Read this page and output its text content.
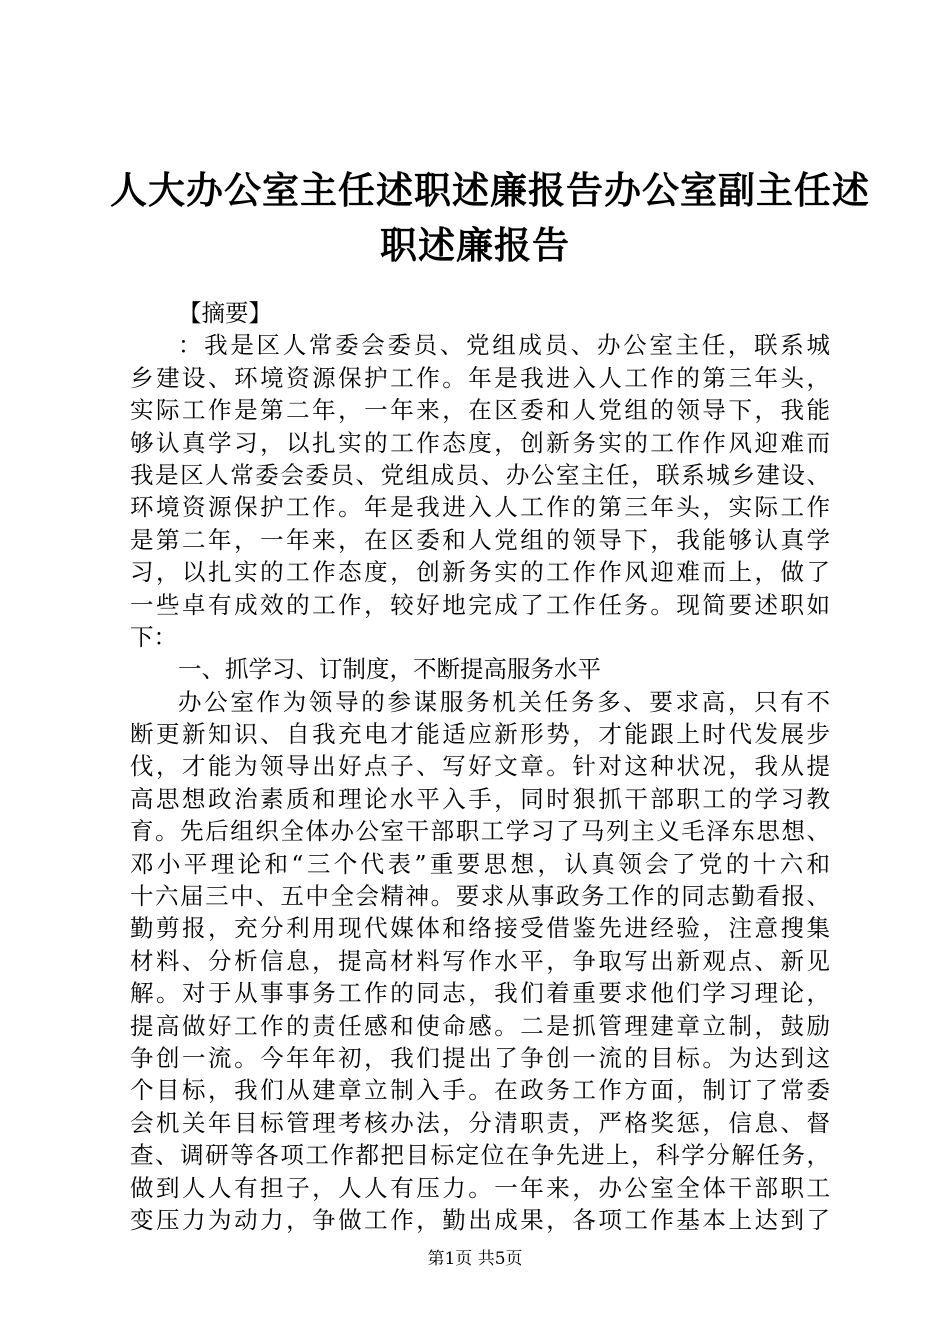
人大办公室主任述职述廉报告办公室副主任述
职述廉报告
【摘要】
：我是区人常委会委员、党组成员、办公室主任，联系城
乡建设、环境资源保护工作。年是我进入人工作的第三年头，
实际工作是第二年，一年来，在区委和人党组的领导下，我能
够认真学习，以扎实的工作态度，创新务实的工作作风迎难而
我是区人常委会委员、党组成员、办公室主任，联系城乡建设、
环境资源保护工作。年是我进入人工作的第三年头，实际工作
是第二年，一年来，在区委和人党组的领导下，我能够认真学
习，以扎实的工作态度，创新务实的工作作风迎难而上，做了
一些卓有成效的工作，较好地完成了工作任务。现简要述职如
下：
一、抓学习、订制度，不断提高服务水平
办公室作为领导的参谋服务机关任务多、要求高，只有不
断更新知识、自我充电才能适应新形势，才能跟上时代发展步
伐，才能为领导出好点子、写好文章。针对这种状况，我从提
高思想政治素质和理论水平入手，同时狠抓干部职工的学习教
育。先后组织全体办公室干部职工学习了马列主义毛泽东思想、
邓小平理论和“三个代表”重要思想，认真领会了党的十六和
十六届三中、五中全会精神。要求从事政务工作的同志勤看报、
勤剪报，充分利用现代媒体和络接受借鉴先进经验，注意搜集
材料、分析信息，提高材料写作水平，争取写出新观点、新见
解。对于从事事务工作的同志，我们着重要求他们学习理论，
提高做好工作的责任感和使命感。二是抓管理建章立制，鼓励
争创一流。今年年初，我们提出了争创一流的目标。为达到这
个目标，我们从建章立制入手。在政务工作方面，制订了常委
会机关年目标管理考核办法，分清职责，严格奖惩，信息、督
查、调研等各项工作都把目标定位在争先进上，科学分解任务，
做到人人有担子，人人有压力。一年来，办公室全体干部职工
变压力为动力，争做工作，勤出成果，各项工作基本上达到了
第1页 共5页
